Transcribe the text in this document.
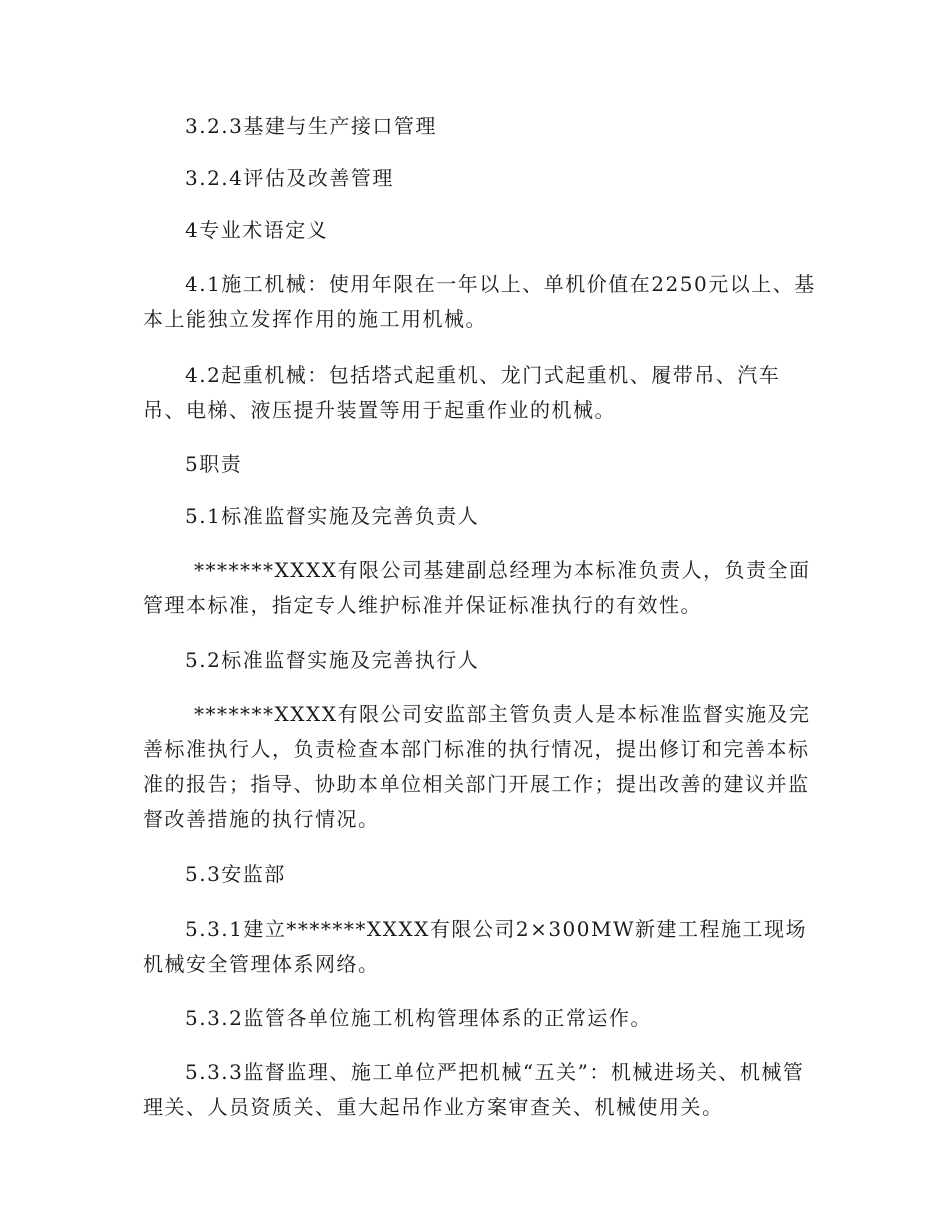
3.2.3基建与生产接口管理

3.2.4评估及改善管理

4专业术语定义

4.1施工机械：使用年限在一年以上、单机价值在2250元以上、基本上能独立发挥作用的施工用机械。

4.2起重机械：包括塔式起重机、龙门式起重机、履带吊、汽车吊、电梯、液压提升装置等用于起重作业的机械。

5职责

5.1标准监督实施及完善负责人

*******XXXX有限公司基建副总经理为本标准负责人，负责全面管理本标准，指定专人维护标准并保证标准执行的有效性。

5.2标准监督实施及完善执行人

*******XXXX有限公司安监部主管负责人是本标准监督实施及完善标准执行人，负责检查本部门标准的执行情况，提出修订和完善本标准的报告；指导、协助本单位相关部门开展工作；提出改善的建议并监督改善措施的执行情况。

5.3安监部

5.3.1建立*******XXXX有限公司2×300MW新建工程施工现场机械安全管理体系网络。

5.3.2监管各单位施工机构管理体系的正常运作。

5.3.3监督监理、施工单位严把机械“五关”：机械进场关、机械管理关、人员资质关、重大起吊作业方案审查关、机械使用关。
